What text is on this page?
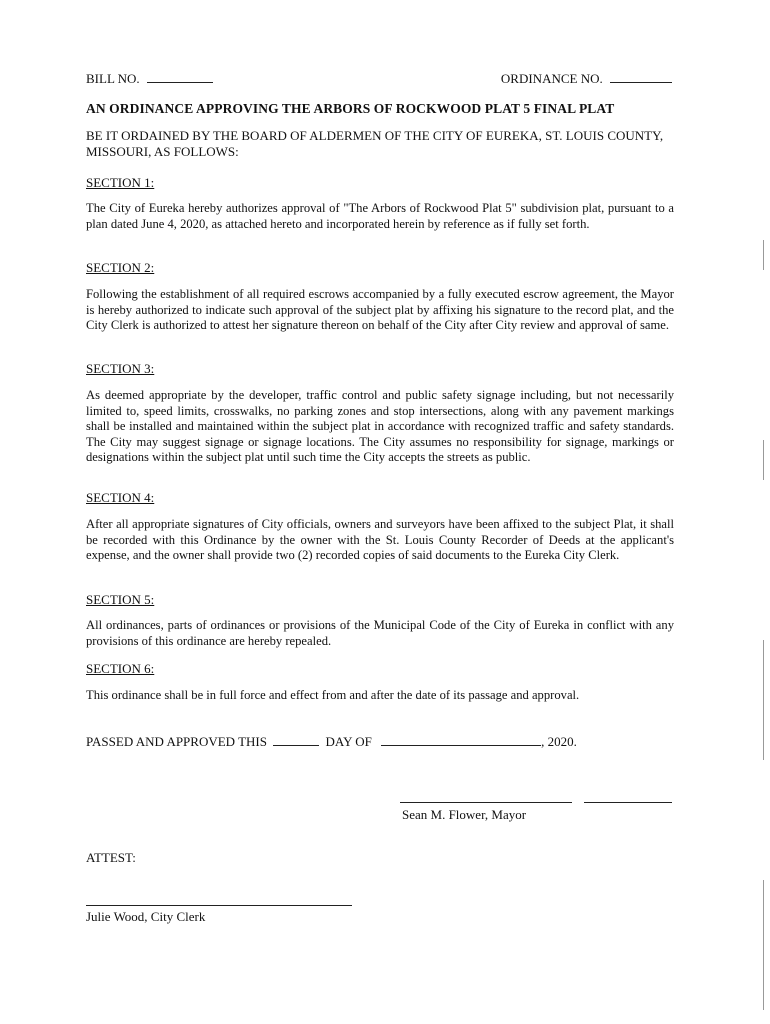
BILL NO.	ORDINANCE NO.
AN ORDINANCE APPROVING THE ARBORS OF ROCKWOOD PLAT 5 FINAL PLAT
BE IT ORDAINED BY THE BOARD OF ALDERMEN OF THE CITY OF EUREKA, ST. LOUIS COUNTY, MISSOURI, AS FOLLOWS:
SECTION 1:
The City of Eureka hereby authorizes approval of "The Arbors of Rockwood Plat 5" subdivision plat, pursuant to a plan dated June 4, 2020, as attached hereto and incorporated herein by reference as if fully set forth.
SECTION 2:
Following the establishment of all required escrows accompanied by a fully executed escrow agreement, the Mayor is hereby authorized to indicate such approval of the subject plat by affixing his signature to the record plat, and the City Clerk is authorized to attest her signature thereon on behalf of the City after City review and approval of same.
SECTION 3:
As deemed appropriate by the developer, traffic control and public safety signage including, but not necessarily limited to, speed limits, crosswalks, no parking zones and stop intersections, along with any pavement markings shall be installed and maintained within the subject plat in accordance with recognized traffic and safety standards. The City may suggest signage or signage locations. The City assumes no responsibility for signage, markings or designations within the subject plat until such time the City accepts the streets as public.
SECTION 4:
After all appropriate signatures of City officials, owners and surveyors have been affixed to the subject Plat, it shall be recorded with this Ordinance by the owner with the St. Louis County Recorder of Deeds at the applicant's expense, and the owner shall provide two (2) recorded copies of said documents to the Eureka City Clerk.
SECTION 5:
All ordinances, parts of ordinances or provisions of the Municipal Code of the City of Eureka in conflict with any provisions of this ordinance are hereby repealed.
SECTION 6:
This ordinance shall be in full force and effect from and after the date of its passage and approval.
PASSED AND APPROVED THIS	DAY OF	, 2020.
Sean M. Flower, Mayor
ATTEST:
Julie Wood, City Clerk
